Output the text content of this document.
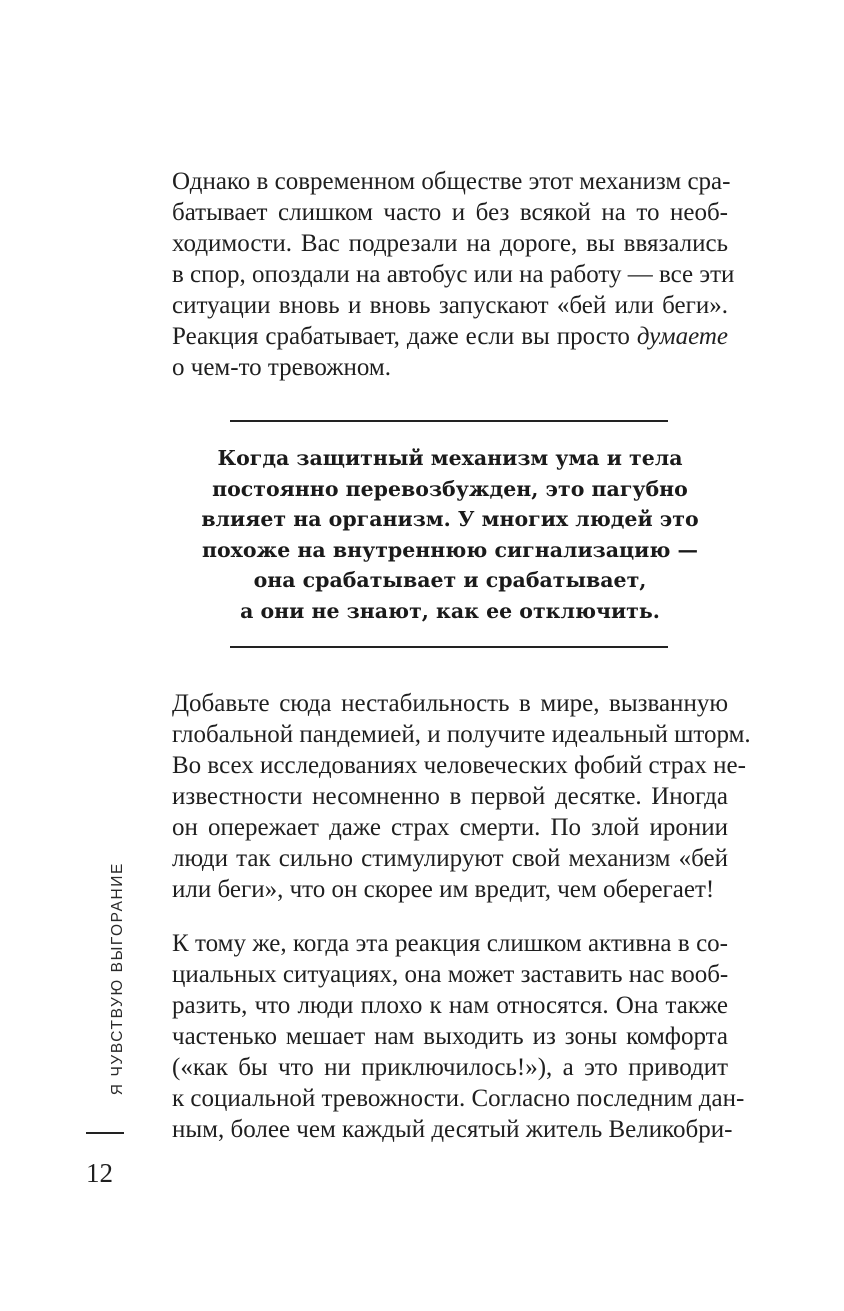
Однако в современном обществе этот механизм сра-
батывает слишком часто и без всякой на то необ-
ходимости. Вас подрезали на дороге, вы ввязались
в спор, опоздали на автобус или на работу — все эти
ситуации вновь и вновь запускают «бей или беги».
Реакция срабатывает, даже если вы просто думаете
о чем-то тревожном.

Когда защитный механизм ума и тела
постоянно перевозбужден, это пагубно
влияет на организм. У многих людей это
похоже на внутреннюю сигнализацию —
она срабатывает и срабатывает,
а они не знают, как ее отключить.

Добавьте сюда нестабильность в мире, вызванную
глобальной пандемией, и получите идеальный шторм.
Во всех исследованиях человеческих фобий страх не-
известности несомненно в первой десятке. Иногда
он опережает даже страх смерти. По злой иронии
люди так сильно стимулируют свой механизм «бей
или беги», что он скорее им вредит, чем оберегает!

К тому же, когда эта реакция слишком активна в со-
циальных ситуациях, она может заставить нас вооб-
разить, что люди плохо к нам относятся. Она также
частенько мешает нам выходить из зоны комфорта
(«как бы что ни приключилось!»), а это приводит
к социальной тревожности. Согласно последним дан-
ным, более чем каждый десятый житель Великобри-

Я ЧУВСТВУЮ ВЫГОРАНИЕ
12
